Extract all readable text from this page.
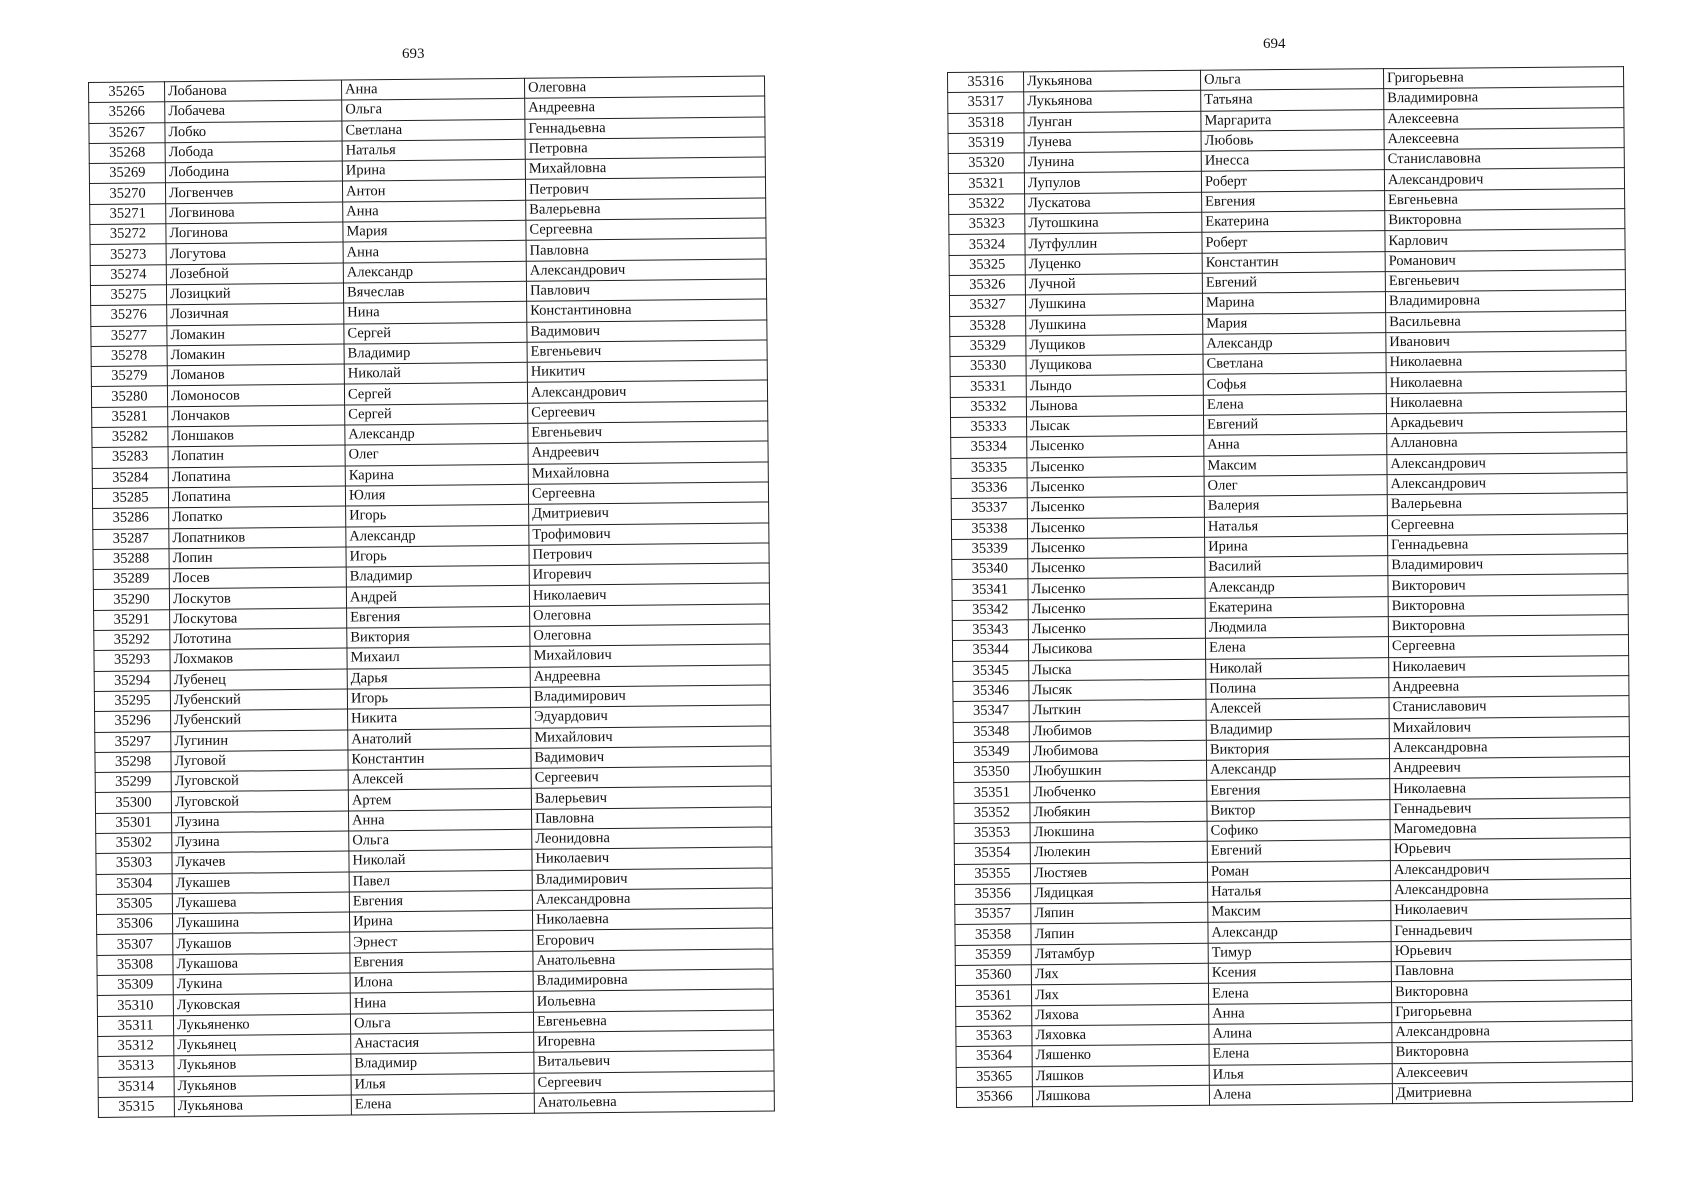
693
694
35265	Лобанова	Анна	Олеговна
35266	Лобачева	Ольга	Андреевна
35267	Лобко	Светлана	Геннадьевна
35268	Лобода	Наталья	Петровна
35269	Лободина	Ирина	Михайловна
35270	Логвенчев	Антон	Петрович
35271	Логвинова	Анна	Валерьевна
35272	Логинова	Мария	Сергеевна
35273	Логутова	Анна	Павловна
35274	Лозебной	Александр	Александрович
35275	Лозицкий	Вячеслав	Павлович
35276	Лозичная	Нина	Константиновна
35277	Ломакин	Сергей	Вадимович
35278	Ломакин	Владимир	Евгеньевич
35279	Ломанов	Николай	Никитич
35280	Ломоносов	Сергей	Александрович
35281	Лончаков	Сергей	Сергеевич
35282	Лоншаков	Александр	Евгеньевич
35283	Лопатин	Олег	Андреевич
35284	Лопатина	Карина	Михайловна
35285	Лопатина	Юлия	Сергеевна
35286	Лопатко	Игорь	Дмитриевич
35287	Лопатников	Александр	Трофимович
35288	Лопин	Игорь	Петрович
35289	Лосев	Владимир	Игоревич
35290	Лоскутов	Андрей	Николаевич
35291	Лоскутова	Евгения	Олеговна
35292	Лототина	Виктория	Олеговна
35293	Лохмаков	Михаил	Михайлович
35294	Лубенец	Дарья	Андреевна
35295	Лубенский	Игорь	Владимирович
35296	Лубенский	Никита	Эдуардович
35297	Лугинин	Анатолий	Михайлович
35298	Луговой	Константин	Вадимович
35299	Луговской	Алексей	Сергеевич
35300	Луговской	Артем	Валерьевич
35301	Лузина	Анна	Павловна
35302	Лузина	Ольга	Леонидовна
35303	Лукачев	Николай	Николаевич
35304	Лукашев	Павел	Владимирович
35305	Лукашева	Евгения	Александровна
35306	Лукашина	Ирина	Николаевна
35307	Лукашов	Эрнест	Егорович
35308	Лукашова	Евгения	Анатольевна
35309	Лукина	Илона	Владимировна
35310	Луковская	Нина	Иольевна
35311	Лукьяненко	Ольга	Евгеньевна
35312	Лукьянец	Анастасия	Игоревна
35313	Лукьянов	Владимир	Витальевич
35314	Лукьянов	Илья	Сергеевич
35315	Лукьянова	Елена	Анатольевна
35316	Лукьянова	Ольга	Григорьевна
35317	Лукьянова	Татьяна	Владимировна
35318	Лунган	Маргарита	Алексеевна
35319	Лунева	Любовь	Алексеевна
35320	Лунина	Инесса	Станиславовна
35321	Лупулов	Роберт	Александрович
35322	Лускатова	Евгения	Евгеньевна
35323	Лутошкина	Екатерина	Викторовна
35324	Лутфуллин	Роберт	Карлович
35325	Луценко	Константин	Романович
35326	Лучной	Евгений	Евгеньевич
35327	Лушкина	Марина	Владимировна
35328	Лушкина	Мария	Васильевна
35329	Лущиков	Александр	Иванович
35330	Лущикова	Светлана	Николаевна
35331	Лындо	Софья	Николаевна
35332	Лынова	Елена	Николаевна
35333	Лысак	Евгений	Аркадьевич
35334	Лысенко	Анна	Аллановна
35335	Лысенко	Максим	Александрович
35336	Лысенко	Олег	Александрович
35337	Лысенко	Валерия	Валерьевна
35338	Лысенко	Наталья	Сергеевна
35339	Лысенко	Ирина	Геннадьевна
35340	Лысенко	Василий	Владимирович
35341	Лысенко	Александр	Викторович
35342	Лысенко	Екатерина	Викторовна
35343	Лысенко	Людмила	Викторовна
35344	Лысикова	Елена	Сергеевна
35345	Лыска	Николай	Николаевич
35346	Лысяк	Полина	Андреевна
35347	Лыткин	Алексей	Станиславович
35348	Любимов	Владимир	Михайлович
35349	Любимова	Виктория	Александровна
35350	Любушкин	Александр	Андреевич
35351	Любченко	Евгения	Николаевна
35352	Любякин	Виктор	Геннадьевич
35353	Люкшина	Софико	Магомедовна
35354	Люлекин	Евгений	Юрьевич
35355	Люстяев	Роман	Александрович
35356	Лядицкая	Наталья	Александровна
35357	Ляпин	Максим	Николаевич
35358	Ляпин	Александр	Геннадьевич
35359	Лятамбур	Тимур	Юрьевич
35360	Лях	Ксения	Павловна
35361	Лях	Елена	Викторовна
35362	Ляхова	Анна	Григорьевна
35363	Ляховка	Алина	Александровна
35364	Ляшенко	Елена	Викторовна
35365	Ляшков	Илья	Алексеевич
35366	Ляшкова	Алена	Дмитриевна
